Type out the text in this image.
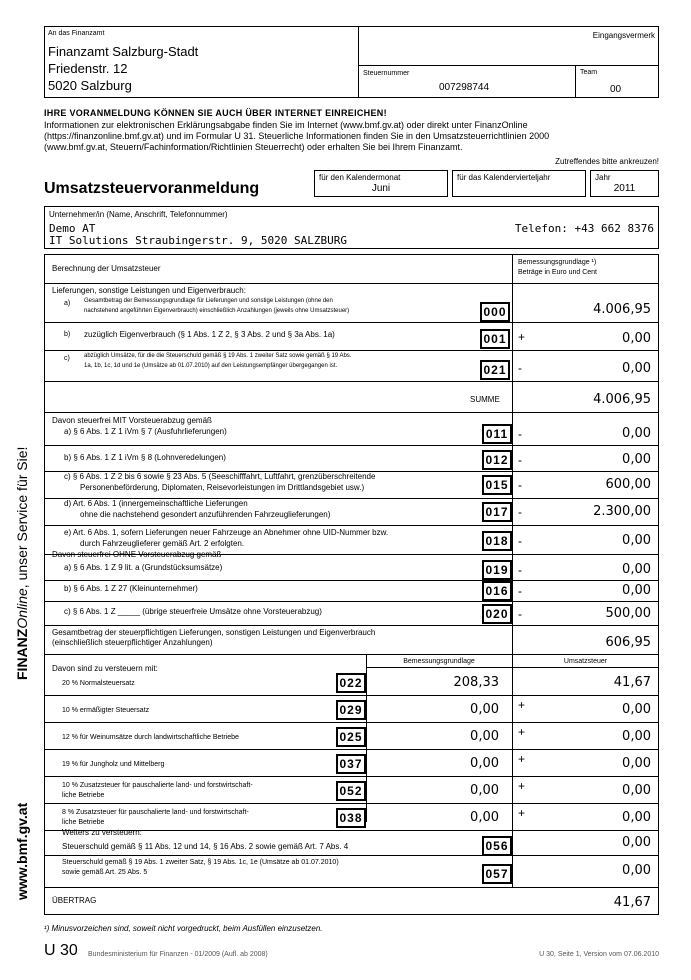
FINANZOnline, unser Service für Sie!
www.bmf.gv.at
An das Finanzamt
Finanzamt Salzburg-Stadt
Friedenstr. 12
5020 Salzburg
Eingangsvermerk
Steuernummer
007298744
Team
00
IHRE VORANMELDUNG KÖNNEN SIE AUCH ÜBER INTERNET EINREICHEN!
Informationen zur elektronischen Erklärungsabgabe finden Sie im Internet (www.bmf.gv.at) oder direkt unter FinanzOnline
(https://finanzonline.bmf.gv.at) und im Formular U 31. Steuerliche Informationen finden Sie in den Umsatzsteuerrichtlinien 2000
(www.bmf.gv.at, Steuern/Fachinformation/Richtlinien Steuerrecht) oder erhalten Sie bei Ihrem Finanzamt.
Zutreffendes bitte ankreuzen!
Umsatzsteuervoranmeldung
für den Kalendermonat
Juni
für das Kalendervierteljahr	Jahr
2011
Unternehmer/in (Name, Anschrift, Telefonnummer)
Demo AT
IT Solutions Straubingerstr. 9, 5020 SALZBURG
Telefon: +43 662 8376
Berechnung der Umsatzsteuer
Bemessungsgrundlage ¹)
Beträge in Euro und Cent
Lieferungen, sonstige Leistungen und Eigenverbrauch:
a) Gesamtbetrag der Bemessungsgrundlage für Lieferungen und sonstige Leistungen (ohne den
nachstehend angeführten Eigenverbrauch) einschließlich Anzahlungen (jeweils ohne Umsatzsteuer)	000	4.006,95
b) zuzüglich Eigenverbrauch (§ 1 Abs. 1 Z 2, § 3 Abs. 2 und § 3a Abs. 1a)	001 +	0,00
c) abzüglich Umsätze, für die die Steuerschuld gemäß § 19 Abs. 1 zweiter Satz sowie gemäß § 19 Abs.
1a, 1b, 1c, 1d und 1e (Umsätze ab 01.07.2010) auf den Leistungsempfänger übergegangen ist.	021 -	0,00
SUMME	4.006,95
Davon steuerfrei MIT Vorsteuerabzug gemäß
a) § 6 Abs. 1 Z 1 iVm § 7 (Ausfuhrlieferungen)	011 -	0,00
b) § 6 Abs. 1 Z 1 iVm § 8 (Lohnveredelungen)	012 -	0,00
c) § 6 Abs. 1 Z 2 bis 6 sowie § 23 Abs. 5 (Seeschifffahrt, Luftfahrt, grenzüberschreitende
Personenbeförderung, Diplomaten, Reisevorleistungen im Drittlandsgebiet usw.)	015 -	600,00
d) Art. 6 Abs. 1 (innergemeinschaftliche Lieferungen
ohne die nachstehend gesondert anzuführenden Fahrzeuglieferungen)	017 -	2.300,00
e) Art. 6 Abs. 1, sofern Lieferungen neuer Fahrzeuge an Abnehmer ohne UID-Nummer bzw.
durch Fahrzeuglieferer gemäß Art. 2 erfolgten.	018 -	0,00
Davon steuerfrei OHNE Vorsteuerabzug gemäß
a) § 6 Abs. 1 Z 9 lit. a (Grundstücksumsätze)	019 -	0,00
b) § 6 Abs. 1 Z 27 (Kleinunternehmer)	016 -	0,00
c) § 6 Abs. 1 Z _____ (übrige steuerfreie Umsätze ohne Vorsteuerabzug)	020 -	500,00
Gesamtbetrag der steuerpflichtigen Lieferungen, sonstigen Leistungen und Eigenverbrauch
(einschließlich steuerpflichtiger Anzahlungen)	606,95
Bemessungsgrundlage	Umsatzsteuer
Davon sind zu versteuern mit:
20 % Normalsteuersatz	022	208,33	41,67
10 % ermäßigter Steuersatz	029	0,00 +	0,00
12 % für Weinumsätze durch landwirtschaftliche Betriebe	025	0,00 +	0,00
19 % für Jungholz und Mittelberg	037	0,00 +	0,00
10 % Zusatzsteuer für pauschalierte land- und forstwirtschaft-
liche Betriebe	052	0,00 +	0,00
8 % Zusatzsteuer für pauschalierte land- und forstwirtschaft-
liche Betriebe	038	0,00 +	0,00
Weiters zu versteuern:
Steuerschuld gemäß § 11 Abs. 12 und 14, § 16 Abs. 2 sowie gemäß Art. 7 Abs. 4	056	0,00
Steuerschuld gemäß § 19 Abs. 1 zweiter Satz, § 19 Abs. 1c, 1e (Umsätze ab 01.07.2010)
sowie gemäß Art. 25 Abs. 5	057	0,00
ÜBERTRAG	41,67
¹) Minusvorzeichen sind, soweit nicht vorgedruckt, beim Ausfüllen einzusetzen.
U 30 Bundesministerium für Finanzen - 01/2009 (Aufl. ab 2008)	U 30, Seite 1, Version vom 07.06.2010
